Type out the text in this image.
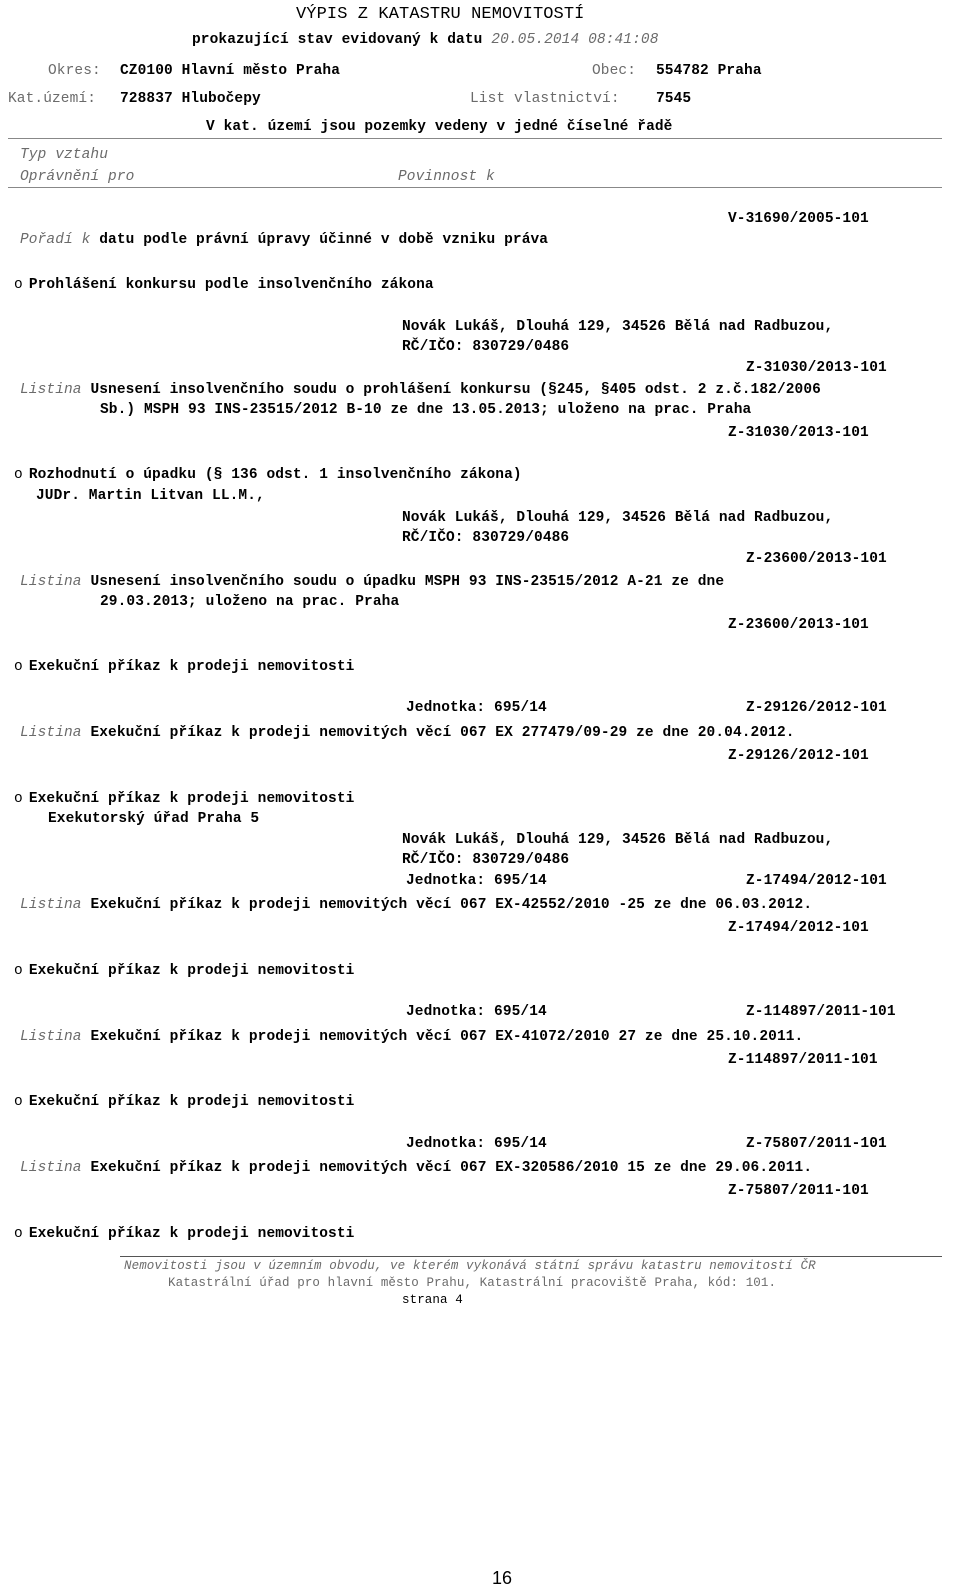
VÝPIS Z KATASTRU NEMOVITOSTÍ
prokazující stav evidovaný k datu 20.05.2014 08:41:08
Okres: CZ0100 Hlavní město Praha	Obec: 554782 Praha
Kat.území: 728837 Hlubočepy	List vlastnictví:	7545
V kat. území jsou pozemky vedeny v jedné číselné řadě
Typ vztahu
Oprávnění pro	Povinnost k
V-31690/2005-101
Pořadí k datu podle právní úpravy účinné v době vzniku práva
o Prohlášení konkursu podle insolvenčního zákona
Novák Lukáš, Dlouhá 129, 34526 Bělá nad Radbuzou,
RČ/IČO: 830729/0486
Z-31030/2013-101
Listina Usnesení insolvenčního soudu o prohlášení konkursu (§245, §405 odst. 2 z.č.182/2006
Sb.) MSPH 93 INS-23515/2012 B-10 ze dne 13.05.2013; uloženo na prac. Praha
Z-31030/2013-101
o Rozhodnutí o úpadku (§ 136 odst. 1 insolvenčního zákona)
JUDr. Martin Litvan LL.M.,
Novák Lukáš, Dlouhá 129, 34526 Bělá nad Radbuzou,
RČ/IČO: 830729/0486
Z-23600/2013-101
Listina Usnesení insolvenčního soudu o úpadku MSPH 93 INS-23515/2012 A-21 ze dne
29.03.2013; uloženo na prac. Praha
Z-23600/2013-101
o Exekuční příkaz k prodeji nemovitosti
Jednotka: 695/14	Z-29126/2012-101
Listina Exekuční příkaz k prodeji nemovitých věcí 067 EX 277479/09-29 ze dne 20.04.2012.
Z-29126/2012-101
o Exekuční příkaz k prodeji nemovitosti
Exekutorský úřad Praha 5
Novák Lukáš, Dlouhá 129, 34526 Bělá nad Radbuzou,
RČ/IČO: 830729/0486
Jednotka: 695/14	Z-17494/2012-101
Listina Exekuční příkaz k prodeji nemovitých věcí 067 EX-42552/2010 -25 ze dne 06.03.2012.
Z-17494/2012-101
o Exekuční příkaz k prodeji nemovitosti
Jednotka: 695/14	Z-114897/2011-101
Listina Exekuční příkaz k prodeji nemovitých věcí 067 EX-41072/2010 27 ze dne 25.10.2011.
Z-114897/2011-101
o Exekuční příkaz k prodeji nemovitosti
Jednotka: 695/14	Z-75807/2011-101
Listina Exekuční příkaz k prodeji nemovitých věcí 067 EX-320586/2010 15 ze dne 29.06.2011.
Z-75807/2011-101
o Exekuční příkaz k prodeji nemovitosti
Nemovitosti jsou v územním obvodu, ve kterém vykonává státní správu katastru nemovitostí ČR
Katastrální úřad pro hlavní město Prahu, Katastrální pracoviště Praha, kód: 101.
strana 4
16
